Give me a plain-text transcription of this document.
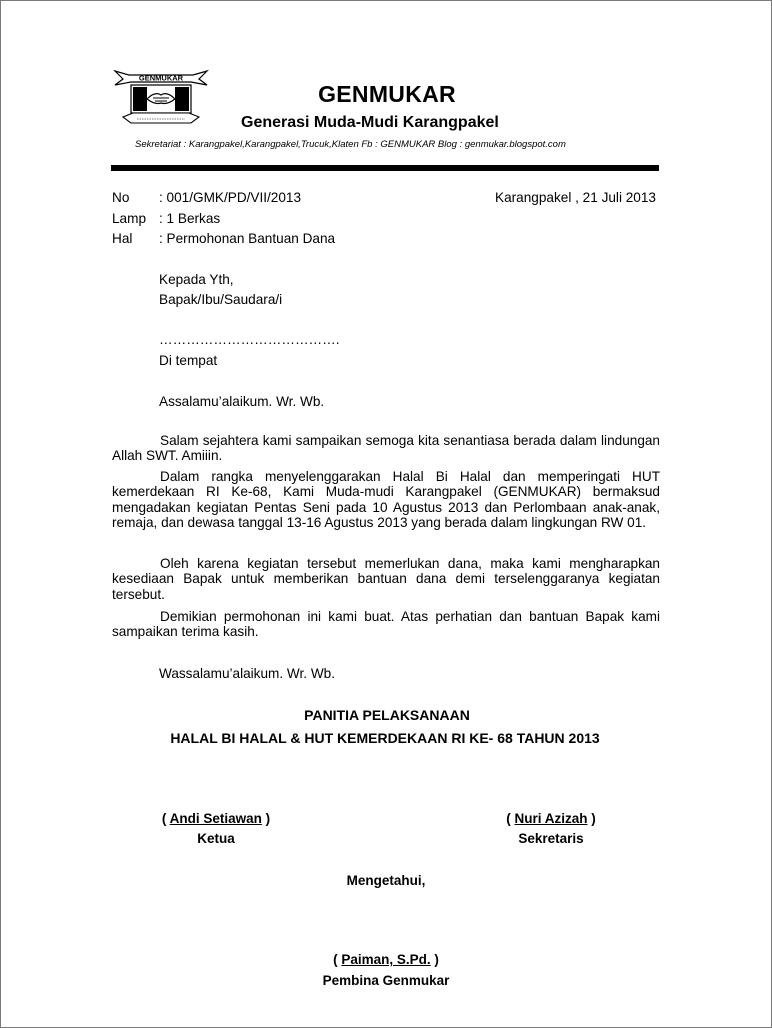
GENMUKAR
GENMUKAR
Generasi Muda-Mudi Karangpakel
Sekretariat : Karangpakel,Karangpakel,Trucuk,Klaten Fb : GENMUKAR Blog : genmukar.blogspot.com
No : 001/GMK/PD/VII/2013	Karangpakel , 21 Juli 2013
Lamp : 1 Berkas
Hal : Permohonan Bantuan Dana
Kepada Yth,
Bapak/Ibu/Saudara/i
………………………………….
Di tempat
Assalamu’alaikum. Wr. Wb.

Salam sejahtera kami sampaikan semoga kita senantiasa berada dalam lindungan Allah SWT. Amiiin.

Dalam rangka menyelenggarakan Halal Bi Halal dan memperingati HUT kemerdekaan RI Ke-68, Kami Muda-mudi Karangpakel (GENMUKAR) bermaksud mengadakan kegiatan Pentas Seni pada 10 Agustus 2013 dan Perlombaan anak-anak, remaja, dan dewasa tanggal 13-16 Agustus 2013 yang berada dalam lingkungan RW 01.

Oleh karena kegiatan tersebut memerlukan dana, maka kami mengharapkan kesediaan Bapak untuk memberikan bantuan dana demi terselenggaranya kegiatan tersebut.

Demikian permohonan ini kami buat. Atas perhatian dan bantuan Bapak kami sampaikan terima kasih.

Wassalamu’alaikum. Wr. Wb.
PANITIA PELAKSANAAN
HALAL BI HALAL & HUT KEMERDEKAAN RI KE- 68 TAHUN 2013
( Andi Setiawan )
Ketua
( Nuri Azizah )
Sekretaris
Mengetahui,
( Paiman, S.Pd. )
Pembina Genmukar
